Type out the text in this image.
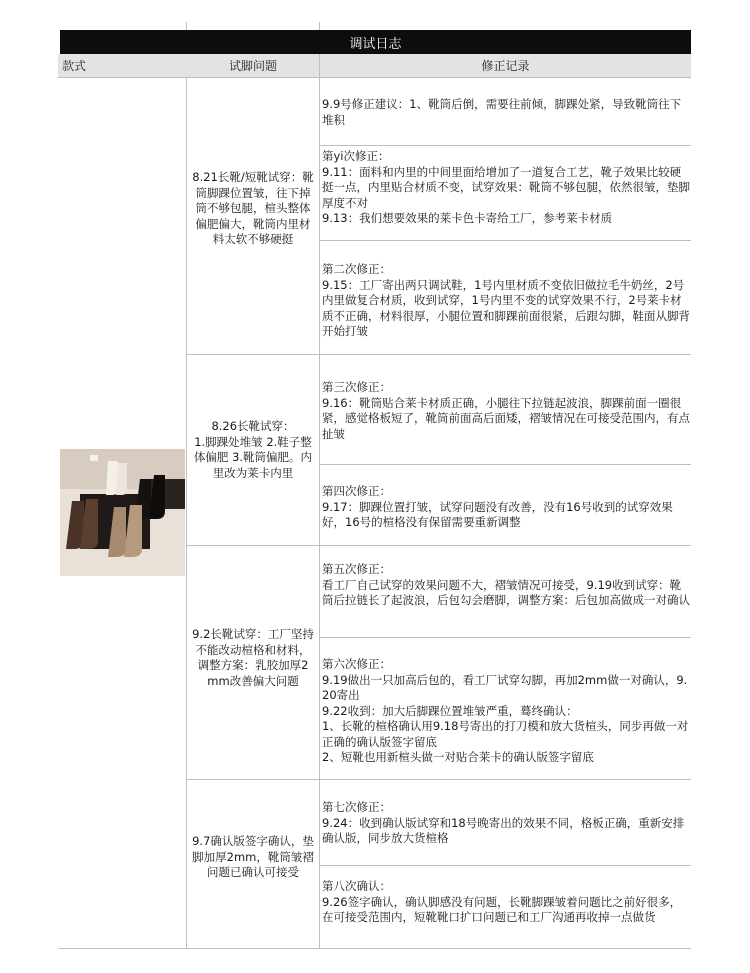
调试日志
款式	试脚问题	修正记录
8.21长靴/短靴试穿：靴筒脚踝位置皱，往下掉筒不够包腿，楦头整体偏肥偏大，靴筒内里材料太软不够硬挺
9.9号修正建议：1、靴筒后倒，需要往前倾，脚踝处紧，导致靴筒往下堆积
第yi次修正：
9.11：面料和内里的中间里面给增加了一道复合工艺，靴子效果比较硬挺一点，内里贴合材质不变，试穿效果：靴筒不够包腿，依然很皱，垫脚厚度不对
9.13：我们想要效果的莱卡色卡寄给工厂，参考莱卡材质
第二次修正：
9.15：工厂寄出两只调试鞋，1号内里材质不变依旧做拉毛牛奶丝，2号内里做复合材质，收到试穿，1号内里不变的试穿效果不行，2号莱卡材质不正确，材料很厚，小腿位置和脚踝前面很紧，后跟勾脚，鞋面从脚背开始打皱
8.26长靴试穿：
1.脚踝处堆皱 2.鞋子整体偏肥 3.靴筒偏肥。内里改为莱卡内里
第三次修正：
9.16：靴筒贴合莱卡材质正确，小腿往下拉链起波浪，脚踝前面一圈很紧，感觉格板短了，靴筒前面高后面矮，褶皱情况在可接受范围内，有点扯皱
第四次修正：
9.17：脚踝位置打皱，试穿问题没有改善，没有16号收到的试穿效果好，16号的楦格没有保留需要重新调整
9.2长靴试穿：工厂坚持不能改动楦格和材料，调整方案：乳胶加厚2mm改善偏大问题
第五次修正：
看工厂自己试穿的效果问题不大，褶皱情况可接受，9.19收到试穿：靴筒后拉链长了起波浪，后包勾会磨脚，调整方案：后包加高做成一对确认
第六次修正：
9.19做出一只加高后包的，看工厂试穿勾脚，再加2mm做一对确认，9.20寄出
9.22收到：加大后脚踝位置堆皱严重，蓦终确认：
1、长靴的楦格确认用9.18号寄出的打刀模和放大货楦头，同步再做一对正确的确认版签字留底
2、短靴也用新楦头做一对贴合莱卡的确认版签字留底
9.7确认版签字确认，垫脚加厚2mm，靴筒皱褶问题已确认可接受
第七次修正：
9.24：收到确认版试穿和18号晚寄出的效果不同，格板正确，重新安排确认版，同步放大货楦格
第八次确认：
9.26签字确认，确认脚感没有问题，长靴脚踝皱着问题比之前好很多，在可接受范围内，短靴靴口扩口问题已和工厂沟通再收掉一点做货
